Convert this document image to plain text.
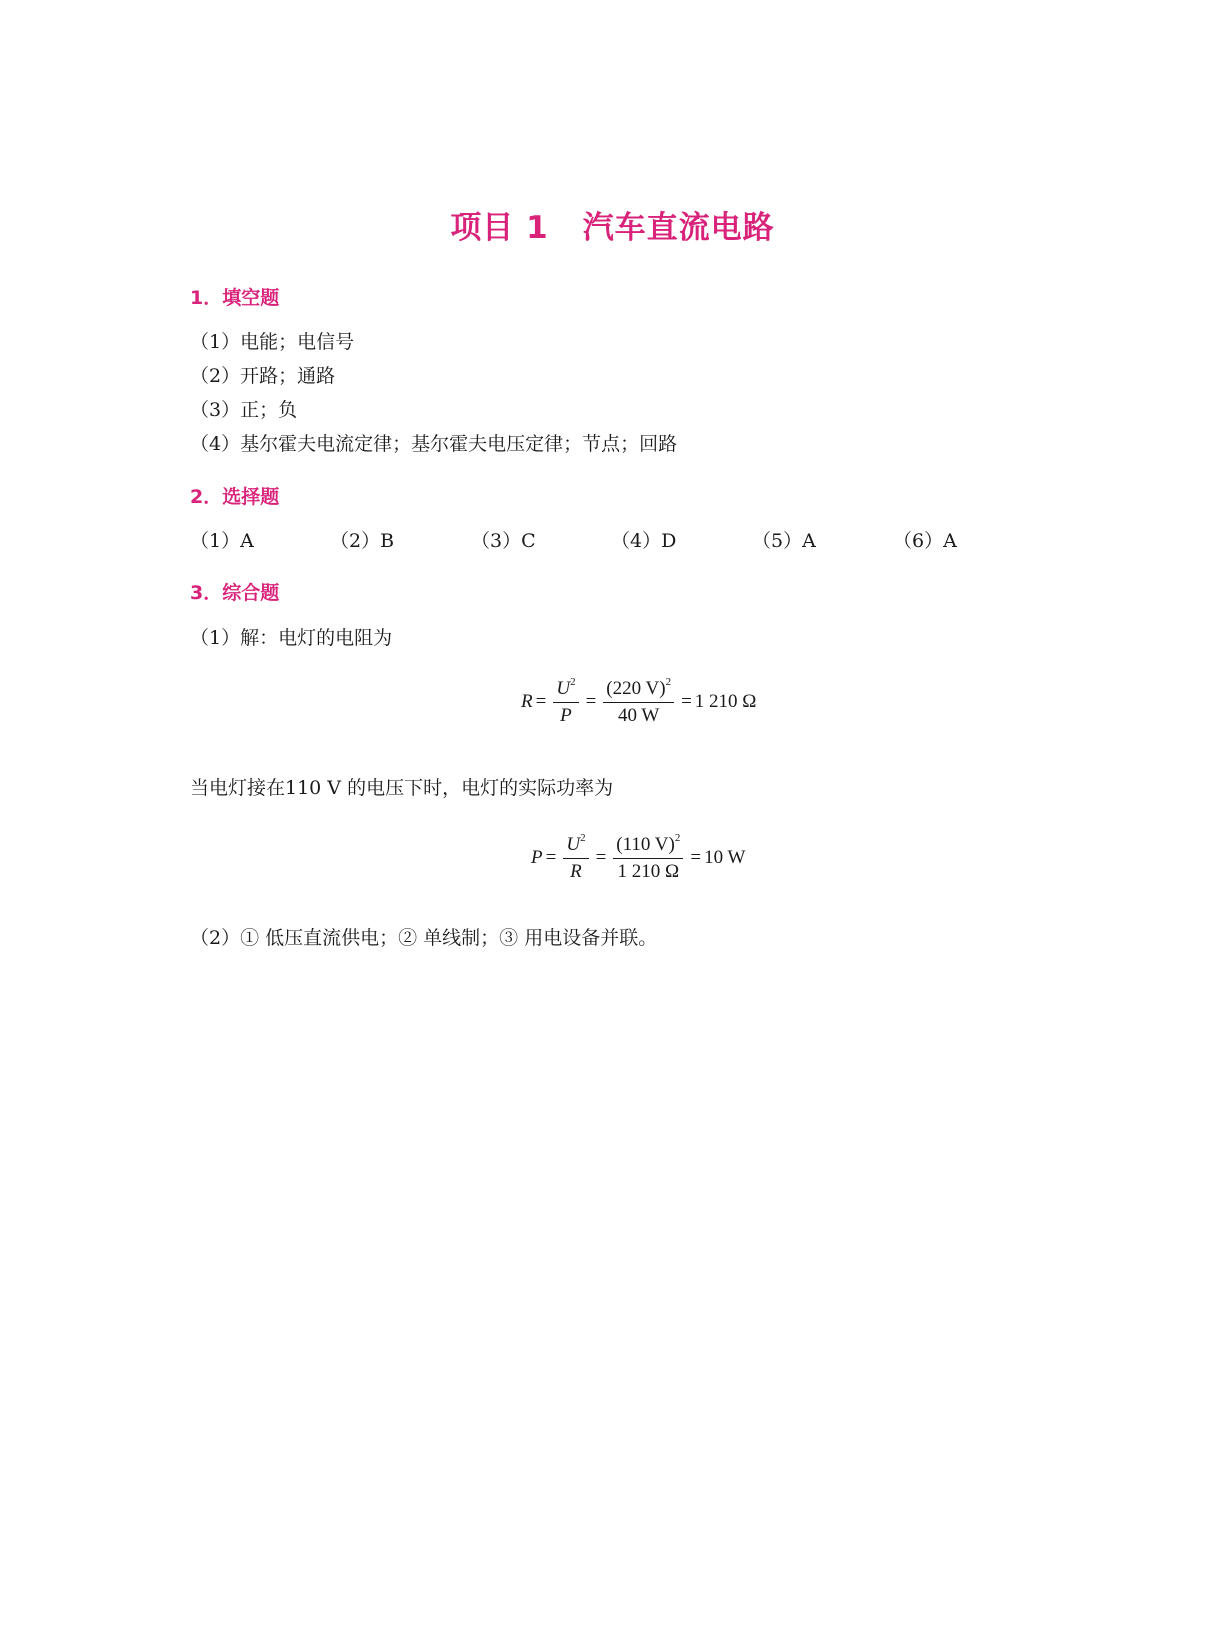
项目 1 汽车直流电路
1．填空题
（1）电能；电信号
（2）开路；通路
（3）正；负
（4）基尔霍夫电流定律；基尔霍夫电压定律；节点；回路
2．选择题
（1）A	（2）B	（3）C	（4）D	（5）A	（6）A
3．综合题
（1）解：电灯的电阻为
$R = \frac{U^2}{P} = \frac{(220 V)^2}{40 W} = 1$ 210 Ω
当电灯接在110 V 的电压下时，电灯的实际功率为
$P = \frac{U^2}{R} = \frac{(110 V)^2}{1 210 \Omega} = 10$ W
（2）① 低压直流供电；② 单线制；③ 用电设备并联。
